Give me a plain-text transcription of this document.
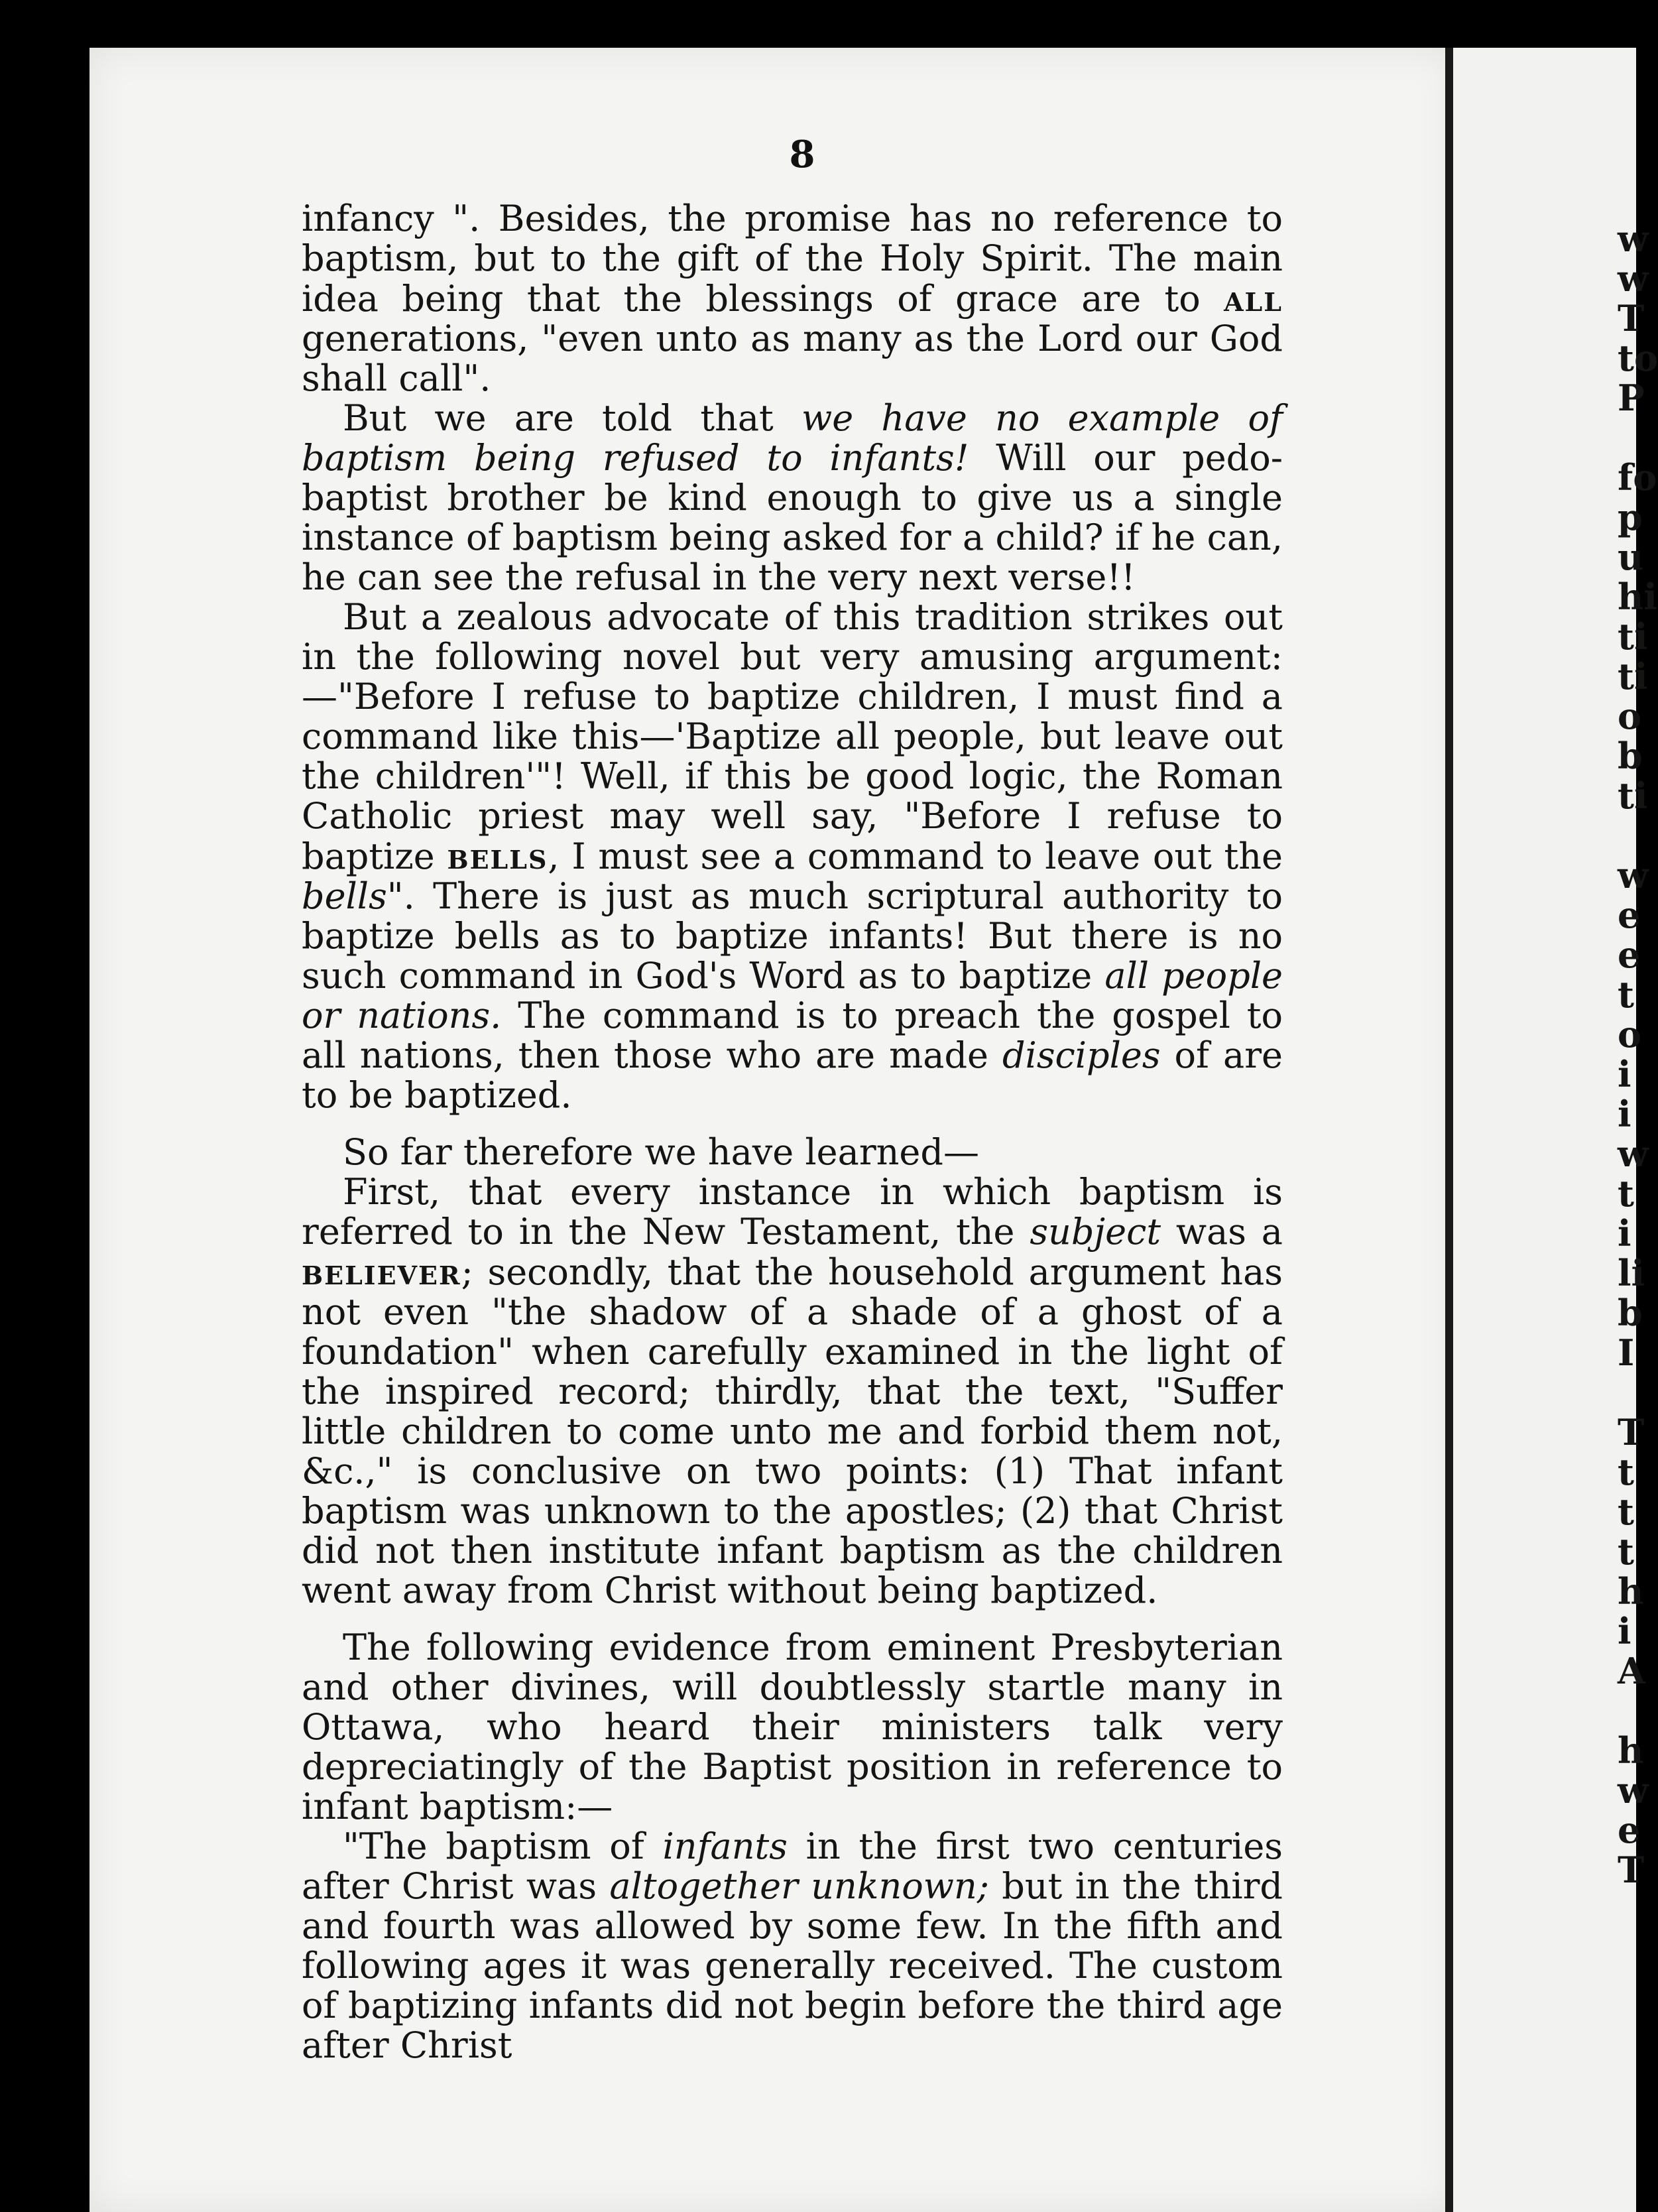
8

infancy ". Besides, the promise has no reference to baptism, but to the gift of the Holy Spirit. The main idea being that the blessings of grace are to all generations, "even unto as many as the Lord our God shall call".

But we are told that we have no example of baptism being refused to infants! Will our pedo-baptist brother be kind enough to give us a single instance of baptism being asked for a child? if he can, he can see the refusal in the very next verse!!

But a zealous advocate of this tradition strikes out in the following novel but very amusing argument:—"Before I refuse to baptize children, I must find a command like this—'Baptize all people, but leave out the children'"! Well, if this be good logic, the Roman Catholic priest may well say, "Before I refuse to baptize bells, I must see a command to leave out the bells". There is just as much scriptural authority to baptize bells as to baptize infants! But there is no such command in God's Word as to baptize all people or nations. The command is to preach the gospel to all nations, then those who are made disciples of are to be baptized.

So far therefore we have learned—

First, that every instance in which baptism is referred to in the New Testament, the subject was a believer; secondly, that the household argument has not even "the shadow of a shade of a ghost of a foundation" when carefully examined in the light of the inspired record; thirdly, that the text, "Suffer little children to come unto me and forbid them not, &c.," is conclusive on two points: (1) That infant baptism was unknown to the apostles; (2) that Christ did not then institute infant baptism as the children went away from Christ without being baptized.

The following evidence from eminent Presbyterian and other divines, will doubtlessly startle many in Ottawa, who heard their ministers talk very depreciatingly of the Baptist position in reference to infant baptism:—

"The baptism of infants in the first two centuries after Christ was altogether unknown; but in the third and fourth was allowed by some few. In the fifth and following ages it was generally received. The custom of baptizing infants did not begin before the third age after Christ

w
w
T
to
P
fo
p
u
hi
ti
ti
o
b
ti
w
e
e
t
o
i
i
w
t
i
li
b
I
T
t
t
t
h
i
A
h
w
e
T
